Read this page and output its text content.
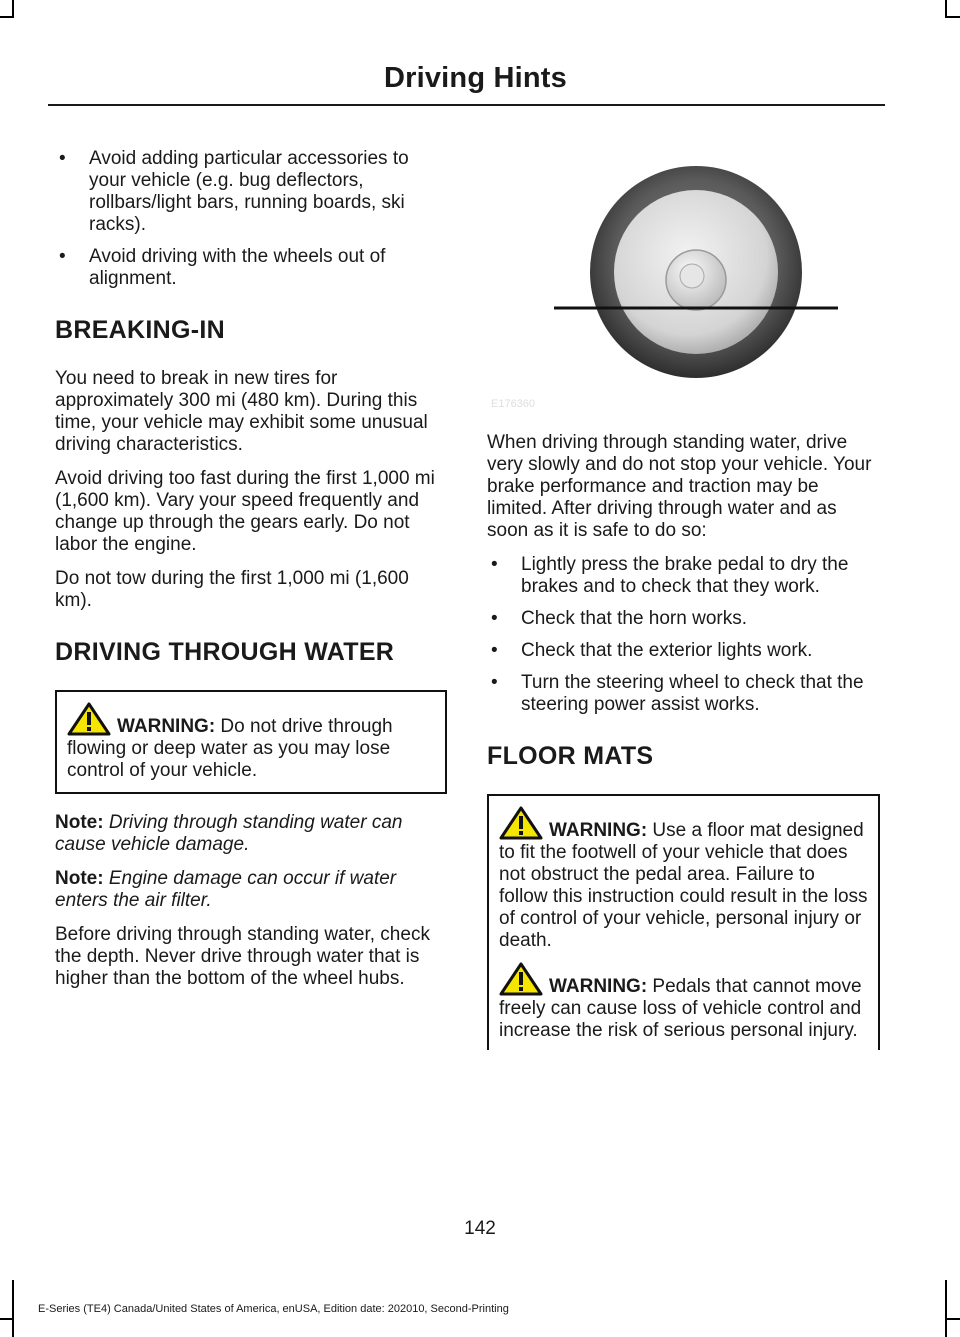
Driving Hints
• Avoid adding particular accessories to your vehicle (e.g. bug deflectors, rollbars/light bars, running boards, ski racks).
• Avoid driving with the wheels out of alignment.
BREAKING-IN

You need to break in new tires for approximately 300 mi (480 km). During this time, your vehicle may exhibit some unusual driving characteristics.

Avoid driving too fast during the first 1,000 mi (1,600 km). Vary your speed frequently and change up through the gears early. Do not labor the engine.

Do not tow during the first 1,000 mi (1,600 km).

DRIVING THROUGH WATER
WARNING: Do not drive through flowing or deep water as you may lose control of your vehicle.

Note: Driving through standing water can cause vehicle damage.

Note: Engine damage can occur if water enters the air filter.

Before driving through standing water, check the depth. Never drive through water that is higher than the bottom of the wheel hubs.

E176360

When driving through standing water, drive very slowly and do not stop your vehicle. Your brake performance and traction may be limited. After driving through water and as soon as it is safe to do so:

• Lightly press the brake pedal to dry the brakes and to check that they work.
• Check that the horn works.
• Check that the exterior lights work.
• Turn the steering wheel to check that the steering power assist works.
FLOOR MATS
WARNING: Use a floor mat designed to fit the footwell of your vehicle that does not obstruct the pedal area. Failure to follow this instruction could result in the loss of control of your vehicle, personal injury or death.
WARNING: Pedals that cannot move freely can cause loss of vehicle control and increase the risk of serious personal injury.
142
E-Series (TE4) Canada/United States of America, enUSA, Edition date: 202010, Second-Printing
